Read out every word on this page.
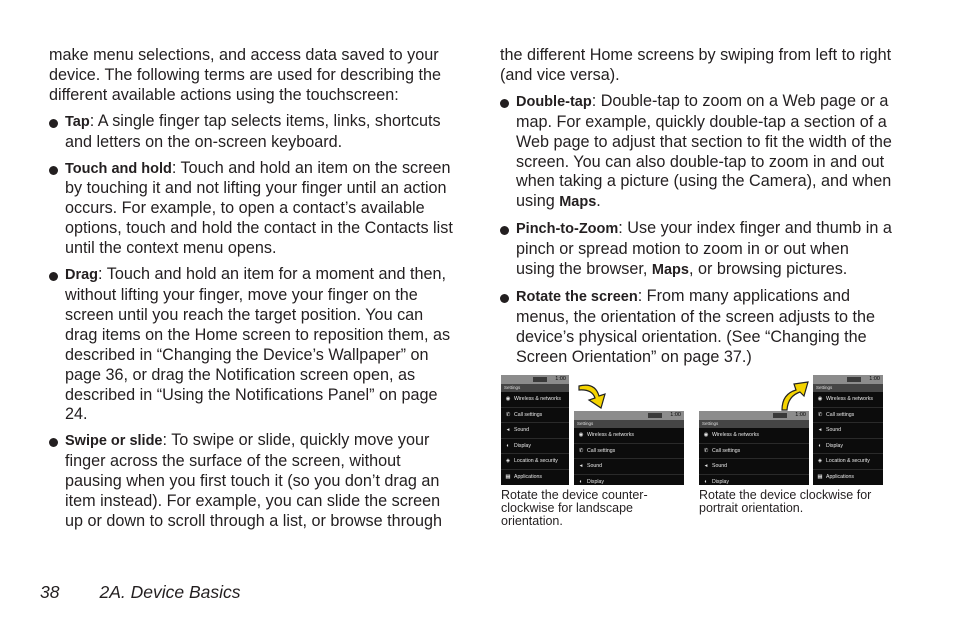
make menu selections, and access data saved to your device. The following terms are used for describing the different available actions using the touchscreen:

Tap: A single finger tap selects items, links, shortcuts and letters on the on-screen keyboard.
Touch and hold: Touch and hold an item on the screen by touching it and not lifting your finger until an action occurs. For example, to open a contact’s available options, touch and hold the contact in the Contacts list until the context menu opens.
Drag: Touch and hold an item for a moment and then, without lifting your finger, move your finger on the screen until you reach the target position. You can drag items on the Home screen to reposition them, as described in “Changing the Device’s Wallpaper” on page 36, or drag the Notification screen open, as described in “Using the Notifications Panel” on page 24.
Swipe or slide: To swipe or slide, quickly move your finger across the surface of the screen, without pausing when you first touch it (so you don’t drag an item instead). For example, you can slide the screen up or down to scroll through a list, or browse through

the different Home screens by swiping from left to right (and vice versa).

Double-tap: Double-tap to zoom on a Web page or a map. For example, quickly double-tap a section of a Web page to adjust that section to fit the width of the screen. You can also double-tap to zoom in and out when taking a picture (using the Camera), and when using Maps.
Pinch-to-Zoom: Use your index finger and thumb in a pinch or spread motion to zoom in or out when using the browser, Maps, or browsing pictures.
Rotate the screen: From many applications and menus, the orientation of the screen adjusts to the device’s physical orientation. (See “Changing the Screen Orientation” on page 37.)
1:00
Settings
◉ Wireless & networks
✆ Call settings
◂ Sound
◐ Display
◈ Location & security
▦ Applications
1:00
Settings
◉ Wireless & networks
✆ Call settings
◂ Sound
◐ Display
Rotate the device counter-clockwise for landscape orientation.
1:00
Settings
◉ Wireless & networks
✆ Call settings
◂ Sound
◐ Display
1:00
Settings
◉ Wireless & networks
✆ Call settings
◂ Sound
◐ Display
◈ Location & security
▦ Applications
Rotate the device clockwise for portrait orientation.
38 2A. Device Basics
